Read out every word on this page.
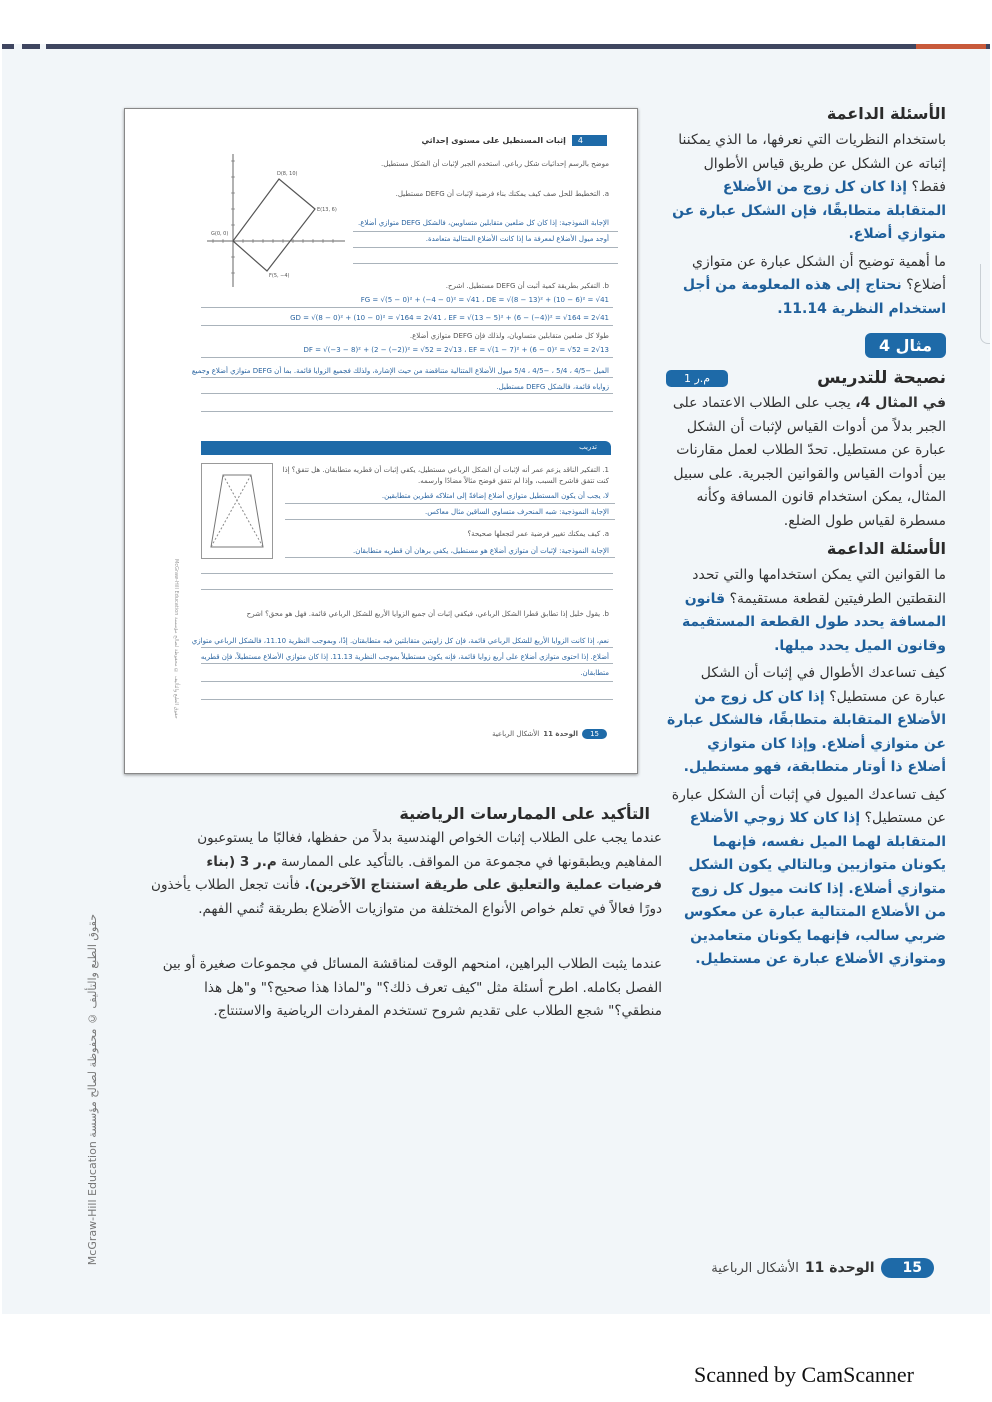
الأسئلة الداعمة
باستخدام النظريات التي نعرفها، ما الذي يمكننا إثباته عن الشكل عن طريق قياس الأطوال فقط؟ إذا كان كل زوج من الأضلاع المتقابلة متطابقًا، فإن الشكل عبارة عن متوازي أضلاع.
ما أهمية توضيح أن الشكل عبارة عن متوازي أضلاع؟ نحتاج إلى هذه المعلومة من أجل استخدام النظرية 11.14.
مثال 4
نصيحة للتدريس
م.ر 1
في المثال 4، يجب على الطلاب الاعتماد على الجبر بدلاً من أدوات القياس لإثبات أن الشكل عبارة عن مستطيل. تحدّ الطلاب لعمل مقارنات بين أدوات القياس والقوانين الجبرية. على سبيل المثال، يمكن استخدام قانون المسافة وكأنه مسطرة لقياس طول الضلع.
الأسئلة الداعمة
ما القوانين التي يمكن استخدامها والتي تحدد النقطتين الطرفيتين لقطعة مستقيمة؟ قانون المسافة يحدد طول القطعة المستقيمة وقانون الميل يحدد ميلها.
كيف تساعدك الأطوال في إثبات أن الشكل عبارة عن مستطيل؟ إذا كان كل زوج من الأضلاع المتقابلة متطابقًا، فالشكل عبارة عن متوازي أضلاع. وإذا كان متوازي أضلاع ذا أوتار متطابقة، فهو مستطيل.
كيف تساعدك الميول في إثبات أن الشكل عبارة عن مستطيل؟ إذا كان كلا زوجي الأضلاع المتقابلة لهما الميل نفسه، فإنهما يكونان متوازيين وبالتالي يكون الشكل متوازي أضلاع. إذا كانت ميول كل زوج من الأضلاع المتتالية عبارة عن معكوس ضربي سالب، فإنهما يكونان متعامدين ومتوازي الأضلاع عبارة عن مستطيل.
4
إثبات المستطيل على مستوى إحداثي
موضح بالرسم إحداثيات شكل رباعي. استخدم الجبر لإثبات أن الشكل مستطيل.
a. التخطيط للحل صف كيف يمكنك بناء فرضية لإثبات أن DEFG مستطيل.
الإجابة النموذجية: إذا كان كل ضلعين متقابلين متساويين، فالشكل DEFG متوازي أضلاع. أوجد ميول الأضلاع لمعرفة ما إذا كانت الأضلاع المتتالية متعامدة.
D(8, 10)
E(13, 6)
F(5, −4)
G(0, 0)
b. التفكير بطريقة كمية أثبت أن DEFG مستطيل. اشرح.
FG = √(5 − 0)² + (−4 − 0)² = √41 ، DE = √(8 − 13)² + (10 − 6)² = √41
GD = √(8 − 0)² + (10 − 0)² = √164 = 2√41 ، EF = √(13 − 5)² + (6 − (−4))² = √164 = 2√41
طولا كل ضلعين متقابلين متساويان، ولذلك فإن DEFG متوازي أضلاع.
DF = √(−3 − 8)² + (2 − (−2))² = √52 = 2√13 ، EF = √(1 − 7)² + (6 − 0)² = √52 = 2√13
الميل −4/5 ، 5/4 ، −4/5 ، 5/4 ميول الأضلاع المتتالية متناقضة من حيث الإشارة، ولذلك فجميع الزوايا قائمة. بما أن DEFG متوازي أضلاع وجميع زواياه قائمة، فالشكل DEFG مستطيل.
تدريب
1. التفكير الناقد يزعم عمر أنه لإثبات أن الشكل الرباعي مستطيل، يكفي إثبات أن قطريه متطابقان. هل تتفق؟ إذا كنت تتفق فاشرح السبب، وإذا لم تتفق فوضح مثالاً مضادًا وارسمه.
لا، يجب أن يكون المستطيل متوازي أضلاع إضافةً إلى امتلاكه قطرين متطابقين.
الإجابة النموذجية: شبه المنحرف متساوي الساقين مثال معاكس.
a. كيف يمكنك تغيير فرضية عمر لتجعلها صحيحة؟
الإجابة النموذجية: لإثبات أن متوازي أضلاع هو مستطيل، يكفي برهان أن قطريه متطابقان.
b. يقول خليل إذا تطابق قطرا الشكل الرباعي، فيكفي إثبات أن جميع الزوايا الأربع للشكل الرباعي قائمة. فهل هو محق؟ اشرح
نعم، إذا كانت الزوايا الأربع للشكل الرباعي قائمة، فإن كل زاويتين متقابلتين فيه متطابقتان. إذًا، وبموجب النظرية 11.10، فالشكل الرباعي متوازي أضلاع. إذا احتوى متوازي أضلاع على أربع زوايا قائمة، فإنه يكون مستطيلاً بموجب النظرية 11.13. إذا كان متوازي الأضلاع مستطيلاً، فإن قطريه متطابقان.
McGraw-Hill Education حقوق الطبع والتأليف © محفوظة لصالح مؤسسة
15
الوحدة 11
الأشكال الرباعية
التأكيد على الممارسات الرياضية
عندما يجب على الطلاب إثبات الخواص الهندسية بدلاً من حفظها، فغالبًا ما يستوعبون المفاهيم ويطبقونها في مجموعة من المواقف. بالتأكيد على الممارسة م.ر 3 (بناء فرضيات عملية والتعليق على طريقة استنتاج الآخرين). فأنت تجعل الطلاب يأخذون دورًا فعالاً في تعلم خواص الأنواع المختلفة من متوازيات الأضلاع بطريقة تُنمي الفهم.
عندما يثبت الطلاب البراهين، امنحهم الوقت لمناقشة المسائل في مجموعات صغيرة أو بين الفصل بكامله. اطرح أسئلة مثل "كيف تعرف ذلك؟" و"لماذا هذا صحيح؟" و"هل هذا منطقي؟" شجع الطلاب على تقديم شروح تستخدم المفردات الرياضية والاستنتاج.
McGraw-Hill Education حقوق الطبع والتأليف © محفوظة لصالح مؤسسة
15
الوحدة 11
الأشكال الرباعية
Scanned by CamScanner
